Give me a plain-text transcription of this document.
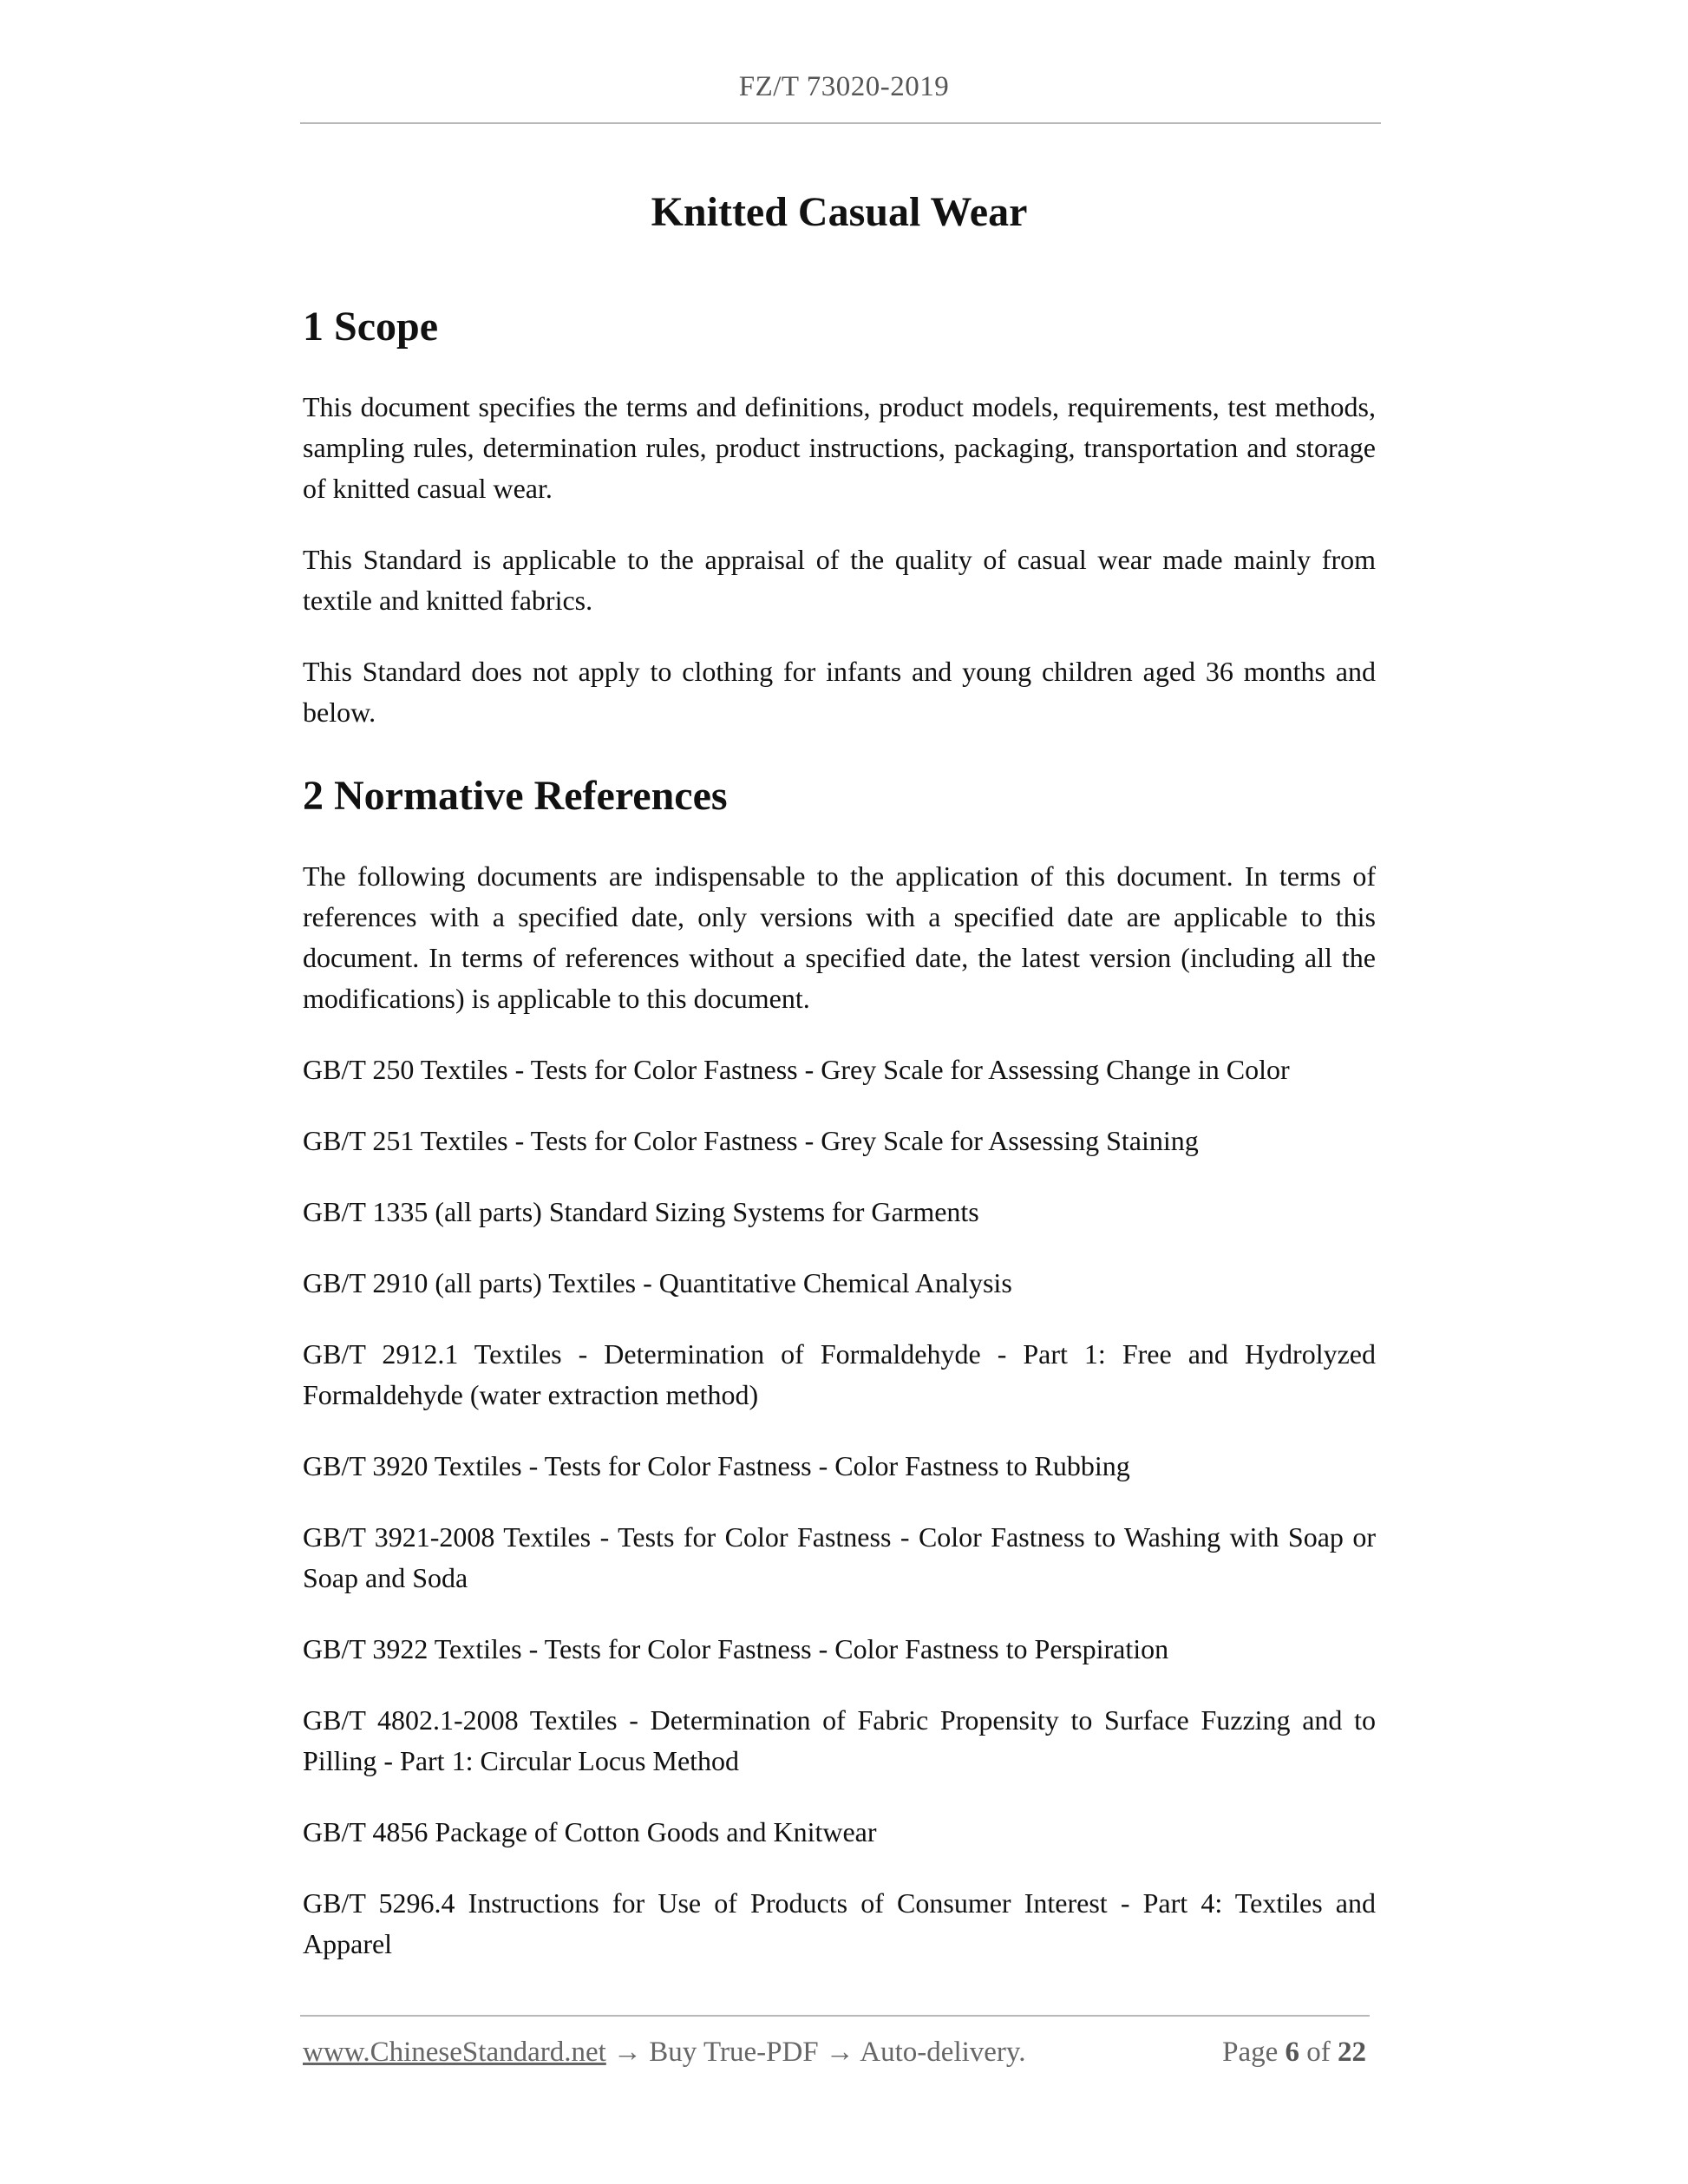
FZ/T 73020-2019
Knitted Casual Wear
1 Scope

This document specifies the terms and definitions, product models, requirements, test methods, sampling rules, determination rules, product instructions, packaging, transportation and storage of knitted casual wear.

This Standard is applicable to the appraisal of the quality of casual wear made mainly from textile and knitted fabrics.

This Standard does not apply to clothing for infants and young children aged 36 months and below.

2 Normative References

The following documents are indispensable to the application of this document. In terms of references with a specified date, only versions with a specified date are applicable to this document. In terms of references without a specified date, the latest version (including all the modifications) is applicable to this document.

GB/T 250 Textiles - Tests for Color Fastness - Grey Scale for Assessing Change in Color
GB/T 251 Textiles - Tests for Color Fastness - Grey Scale for Assessing Staining
GB/T 1335 (all parts) Standard Sizing Systems for Garments
GB/T 2910 (all parts) Textiles - Quantitative Chemical Analysis
GB/T 2912.1 Textiles - Determination of Formaldehyde - Part 1: Free and Hydrolyzed Formaldehyde (water extraction method)
GB/T 3920 Textiles - Tests for Color Fastness - Color Fastness to Rubbing
GB/T 3921-2008 Textiles - Tests for Color Fastness - Color Fastness to Washing with Soap or Soap and Soda
GB/T 3922 Textiles - Tests for Color Fastness - Color Fastness to Perspiration
GB/T 4802.1-2008 Textiles - Determination of Fabric Propensity to Surface Fuzzing and to Pilling - Part 1: Circular Locus Method
GB/T 4856 Package of Cotton Goods and Knitwear
GB/T 5296.4 Instructions for Use of Products of Consumer Interest - Part 4: Textiles and Apparel
www.ChineseStandard.net → Buy True-PDF → Auto-delivery.	Page 6 of 22
